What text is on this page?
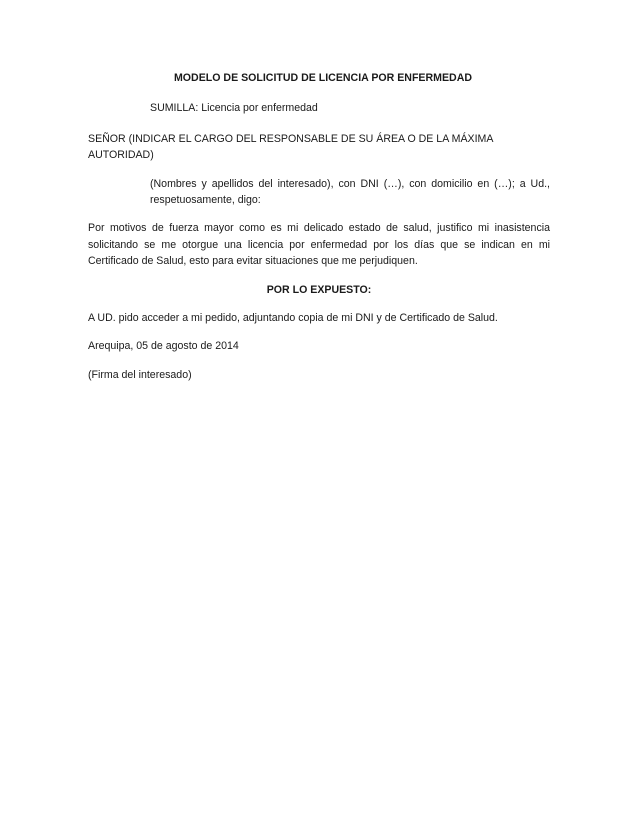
MODELO DE SOLICITUD DE LICENCIA POR ENFERMEDAD

SUMILLA: Licencia por enfermedad

SEÑOR (INDICAR EL CARGO DEL RESPONSABLE DE SU ÁREA O DE LA MÁXIMA AUTORIDAD)

(Nombres y apellidos del interesado), con DNI (…), con domicilio en (…); a Ud., respetuosamente, digo:

Por motivos de fuerza mayor como es mi delicado estado de salud, justifico mi inasistencia solicitando se me otorgue una licencia por enfermedad por los días que se indican en mi Certificado de Salud, esto para evitar situaciones que me perjudiquen.

POR LO EXPUESTO:

A UD. pido acceder a mi pedido, adjuntando copia de mi DNI y de Certificado de Salud.

Arequipa, 05 de agosto de 2014

(Firma del interesado)
